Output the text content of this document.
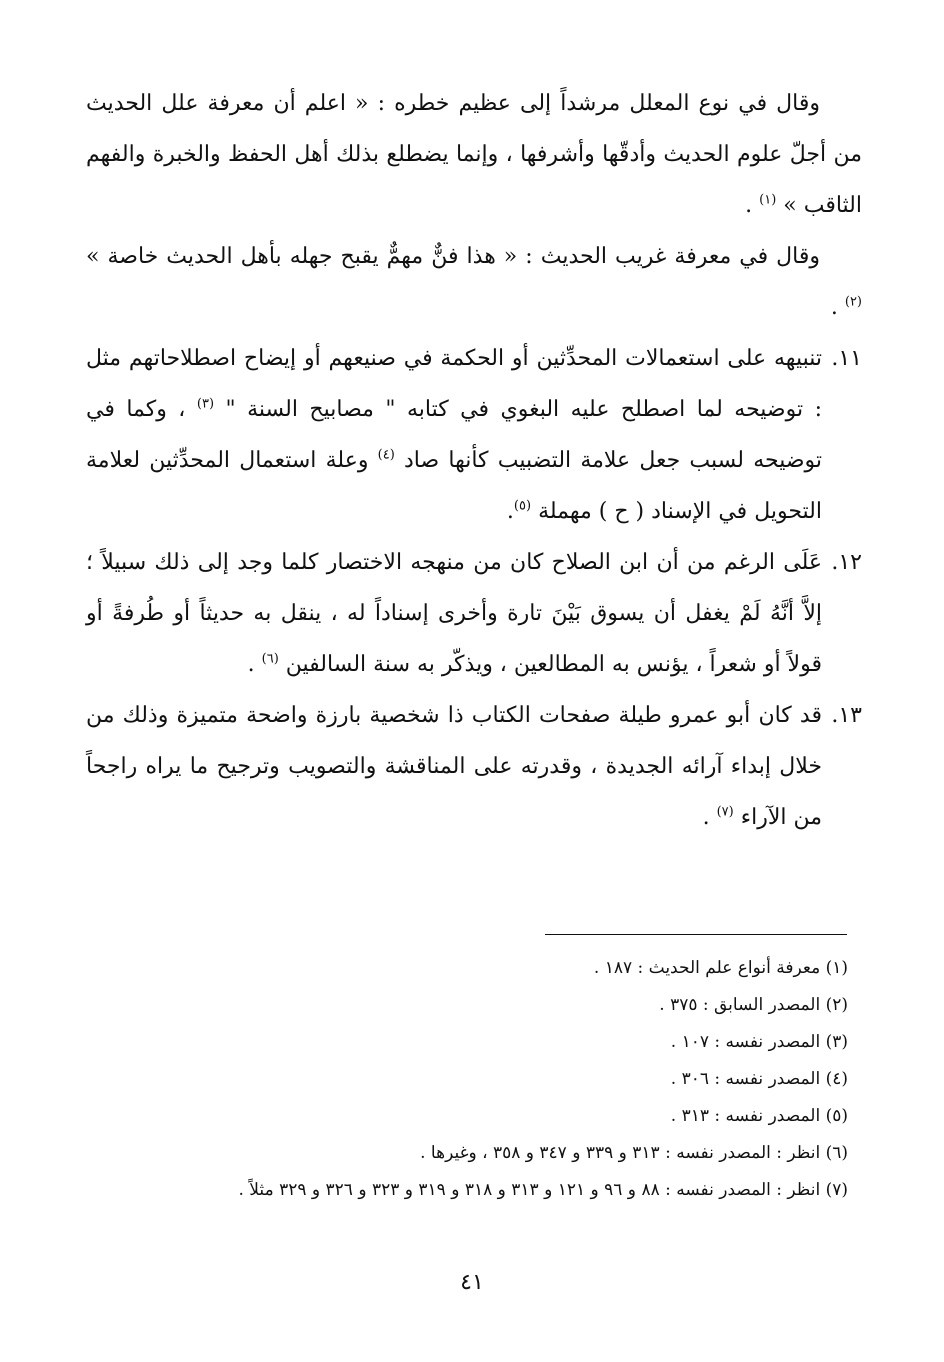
وقال في نوع المعلل مرشداً إلى عظيم خطره : « اعلم أن معرفة علل الحديث من أجلّ علوم الحديث وأدقّها وأشرفها ، وإنما يضطلع بذلك أهل الحفظ والخبرة والفهم الثاقب » $^{(١)}$ .

وقال في معرفة غريب الحديث : « هذا فنٌّ مهمٌّ يقبح جهله بأهل الحديث خاصة » $^{(٢)}$ .

١١.
تنبيهه على استعمالات المحدِّثين أو الحكمة في صنيعهم أو إيضاح اصطلاحاتهم مثل : توضيحه لما اصطلح عليه البغوي في كتابه " مصابيح السنة " $^{(٣)}$ ، وكما في توضيحه لسبب جعل علامة التضبيب كأنها صاد $^{(٤)}$ وعلة استعمال المحدِّثين لعلامة التحويل في الإسناد ( ح ) مهملة $^{(٥)}$.
١٢.
عَلَى الرغم من أن ابن الصلاح كان من منهجه الاختصار كلما وجد إلى ذلك سبيلاً ؛ إلاَّ أنَّهُ لَمْ يغفل أن يسوق بَيْنَ تارة وأخرى إسناداً له ، ينقل به حديثاً أو طُرفةً أو قولاً أو شعراً ، يؤنس به المطالعين ، ويذكّر به سنة السالفين $^{(٦)}$ .
١٣.
قد كان أبو عمرو طيلة صفحات الكتاب ذا شخصية بارزة واضحة متميزة وذلك من خلال إبداء آرائه الجديدة ، وقدرته على المناقشة والتصويب وترجيح ما يراه راجحاً من الآراء $^{(٧)}$ .

(١) معرفة أنواع علم الحديث : ١٨٧ .

(٢) المصدر السابق : ٣٧٥ .

(٣) المصدر نفسه : ١٠٧ .

(٤) المصدر نفسه : ٣٠٦ .

(٥) المصدر نفسه : ٣١٣ .

(٦) انظر : المصدر نفسه : ٣١٣ و ٣٣٩ و ٣٤٧ و ٣٥٨ ، وغيرها .

(٧) انظر : المصدر نفسه : ٨٨ و ٩٦ و ١٢١ و ٣١٣ و ٣١٨ و ٣١٩ و ٣٢٣ و ٣٢٦ و ٣٢٩ مثلاً .

٤١
